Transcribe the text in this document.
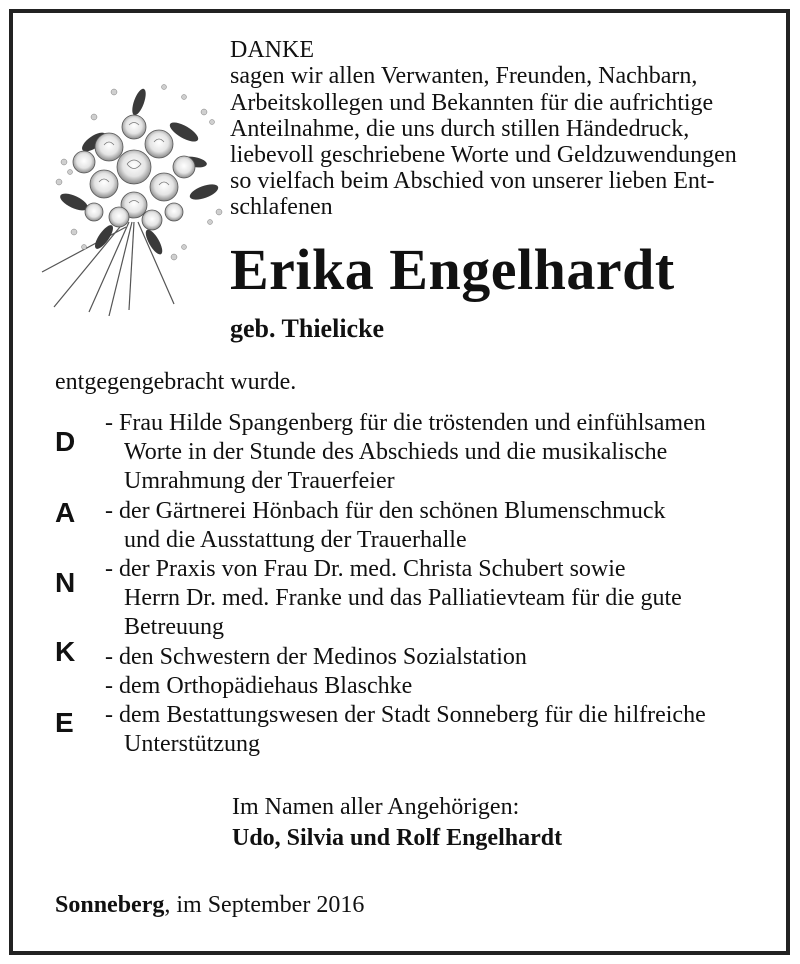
DANKE
sagen wir allen Verwanten, Freunden, Nachbarn,
Arbeitskollegen und Bekannten für die aufrichtige
Anteilnahme, die uns durch stillen Händedruck,
liebevoll geschriebene Worte und Geldzuwendungen
so vielfach beim Abschied von unserer lieben Ent-
schlafenen
Erika Engelhardt
geb. Thielicke
entgegengebracht wurde.
D
A
N
K
E
- Frau Hilde Spangenberg für die tröstenden und einfühlsamen
Worte in der Stunde des Abschieds und die musikalische
Umrahmung der Trauerfeier
- der Gärtnerei Hönbach für den schönen Blumenschmuck
und die Ausstattung der Trauerhalle
- der Praxis von Frau Dr. med. Christa Schubert sowie
Herrn Dr. med. Franke und das Palliatievteam für die gute
Betreuung
- den Schwestern der Medinos Sozialstation
- dem Orthopädiehaus Blaschke
- dem Bestattungswesen der Stadt Sonneberg für die hilfreiche
Unterstützung
Im Namen aller Angehörigen:
Udo, Silvia und Rolf Engelhardt
Sonneberg, im September 2016
